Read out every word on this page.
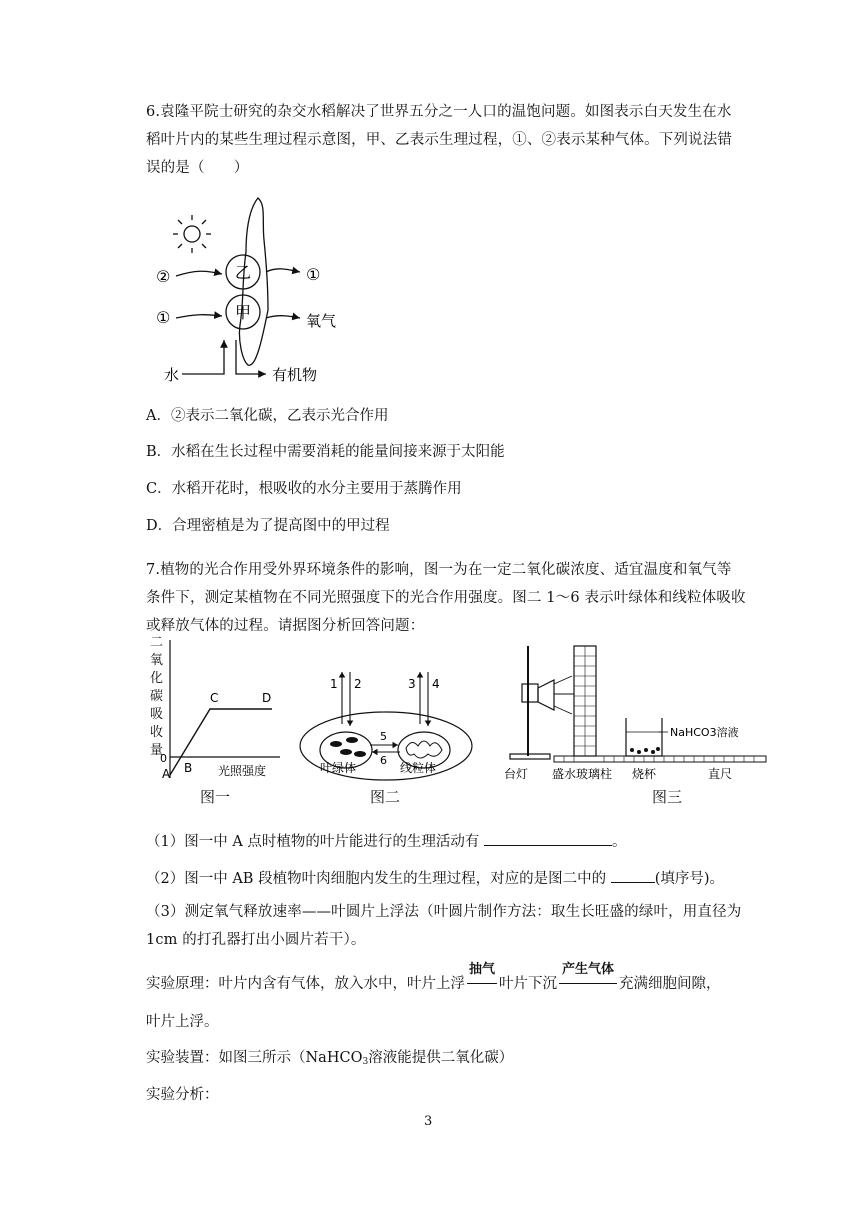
6.袁隆平院士研究的杂交水稻解决了世界五分之一人口的温饱问题。如图表示白天发生在水稻叶片内的某些生理过程示意图，甲、乙表示生理过程，①、②表示某种气体。下列说法错误的是（　　）
乙
甲
②
①
①
氧气
水	有机物
A．②表示二氧化碳，乙表示光合作用
B．水稻在生长过程中需要消耗的能量间接来源于太阳能
C．水稻开花时，根吸收的水分主要用于蒸腾作用
D．合理密植是为了提高图中的甲过程
7.植物的光合作用受外界环境条件的影响，图一为在一定二氧化碳浓度、适宜温度和氧气等条件下，测定某植物在不同光照强度下的光合作用强度。图二 1～6 表示叶绿体和线粒体吸收或释放气体的过程。请据图分析回答问题：
二
氧
化
碳
吸
收
量
0
A B
C	D
光照强度
图一
1 2	3 4
5
6
叶绿体	线粒体
图二
NaHCO3溶液
台灯 盛水玻璃柱 烧杯	直尺
图三
（1）图一中 A 点时植物的叶片能进行的生理活动有	。
（2）图一中 AB 段植物叶肉细胞内发生的生理过程，对应的是图二中的	(填序号)。
（3）测定氧气释放速率——叶圆片上浮法（叶圆片制作方法：取生长旺盛的绿叶，用直径为 1cm 的打孔器打出小圆片若干）。
实验原理：叶片内含有气体，放入水中，叶片上浮
抽气
叶片下沉
产生气体
充满细胞间隙，
叶片上浮。
实验装置：如图三所示（NaHCO$_3$溶液能提供二氧化碳）
实验分析：
3
